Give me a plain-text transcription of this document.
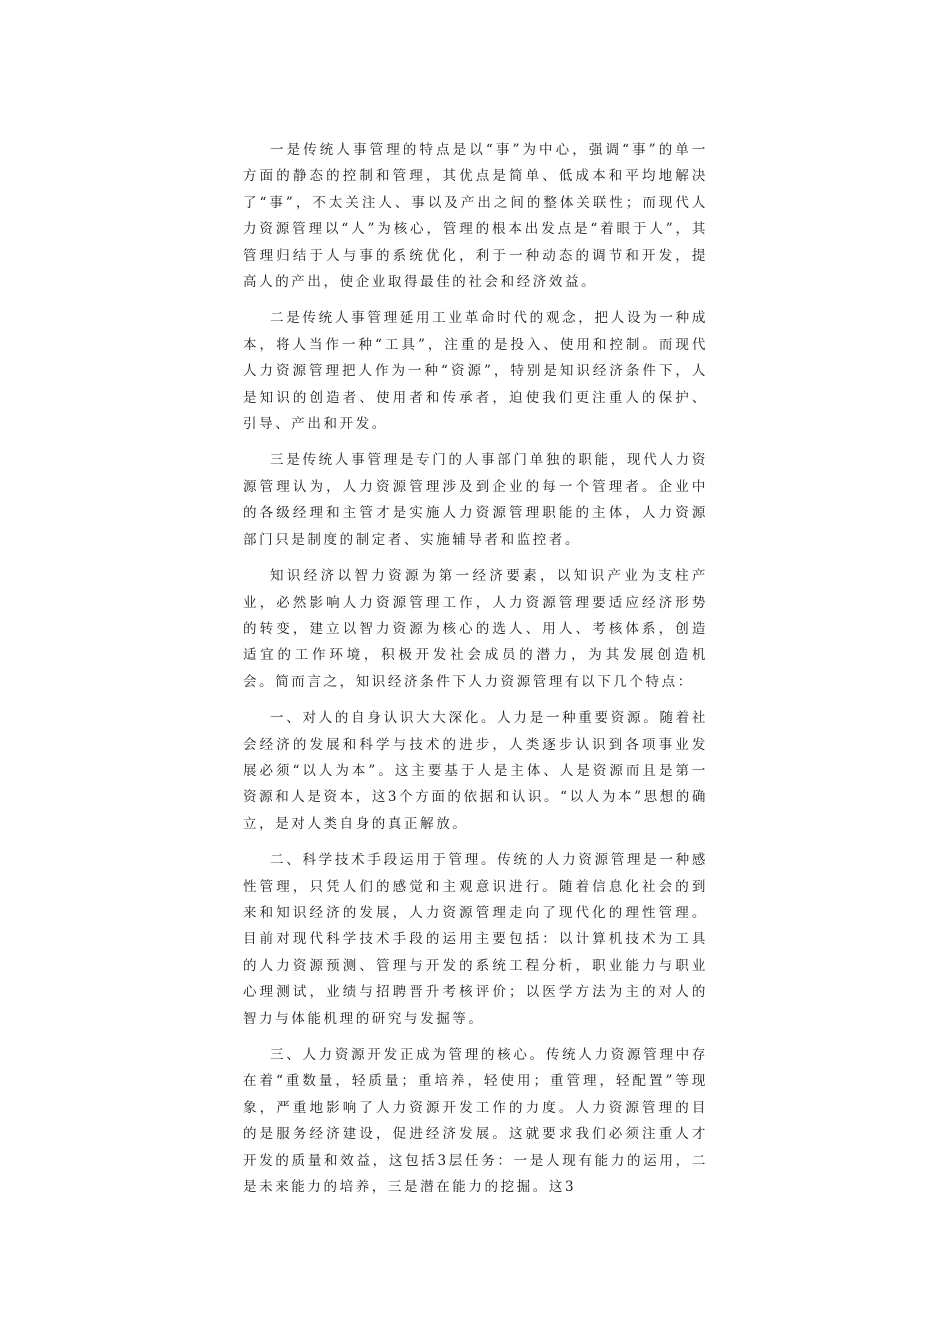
一是传统人事管理的特点是以“事”为中心，强调“事”的单一方面的静态的控制和管理，其优点是简单、低成本和平均地解决了“事”，不太关注人、事以及产出之间的整体关联性；而现代人力资源管理以“人”为核心，管理的根本出发点是“着眼于人”，其管理归结于人与事的系统优化，利于一种动态的调节和开发，提高人的产出，使企业取得最佳的社会和经济效益。

二是传统人事管理延用工业革命时代的观念，把人设为一种成本，将人当作一种“工具”，注重的是投入、使用和控制。而现代人力资源管理把人作为一种“资源”，特别是知识经济条件下，人是知识的创造者、使用者和传承者，迫使我们更注重人的保护、引导、产出和开发。

三是传统人事管理是专门的人事部门单独的职能，现代人力资源管理认为，人力资源管理涉及到企业的每一个管理者。企业中的各级经理和主管才是实施人力资源管理职能的主体，人力资源部门只是制度的制定者、实施辅导者和监控者。

知识经济以智力资源为第一经济要素，以知识产业为支柱产业，必然影响人力资源管理工作，人力资源管理要适应经济形势的转变，建立以智力资源为核心的选人、用人、考核体系，创造适宜的工作环境，积极开发社会成员的潜力，为其发展创造机会。简而言之，知识经济条件下人力资源管理有以下几个特点：

一、对人的自身认识大大深化。人力是一种重要资源。随着社会经济的发展和科学与技术的进步，人类逐步认识到各项事业发展必须“以人为本”。这主要基于人是主体、人是资源而且是第一资源和人是资本，这3个方面的依据和认识。“以人为本”思想的确立，是对人类自身的真正解放。

二、科学技术手段运用于管理。传统的人力资源管理是一种感性管理，只凭人们的感觉和主观意识进行。随着信息化社会的到来和知识经济的发展，人力资源管理走向了现代化的理性管理。目前对现代科学技术手段的运用主要包括：以计算机技术为工具的人力资源预测、管理与开发的系统工程分析，职业能力与职业心理测试，业绩与招聘晋升考核评价；以医学方法为主的对人的智力与体能机理的研究与发掘等。

三、人力资源开发正成为管理的核心。传统人力资源管理中存在着“重数量，轻质量；重培养，轻使用；重管理，轻配置”等现象，严重地影响了人力资源开发工作的力度。人力资源管理的目的是服务经济建设，促进经济发展。这就要求我们必须注重人才开发的质量和效益，这包括3层任务：一是人现有能力的运用，二是未来能力的培养，三是潜在能力的挖掘。这3
